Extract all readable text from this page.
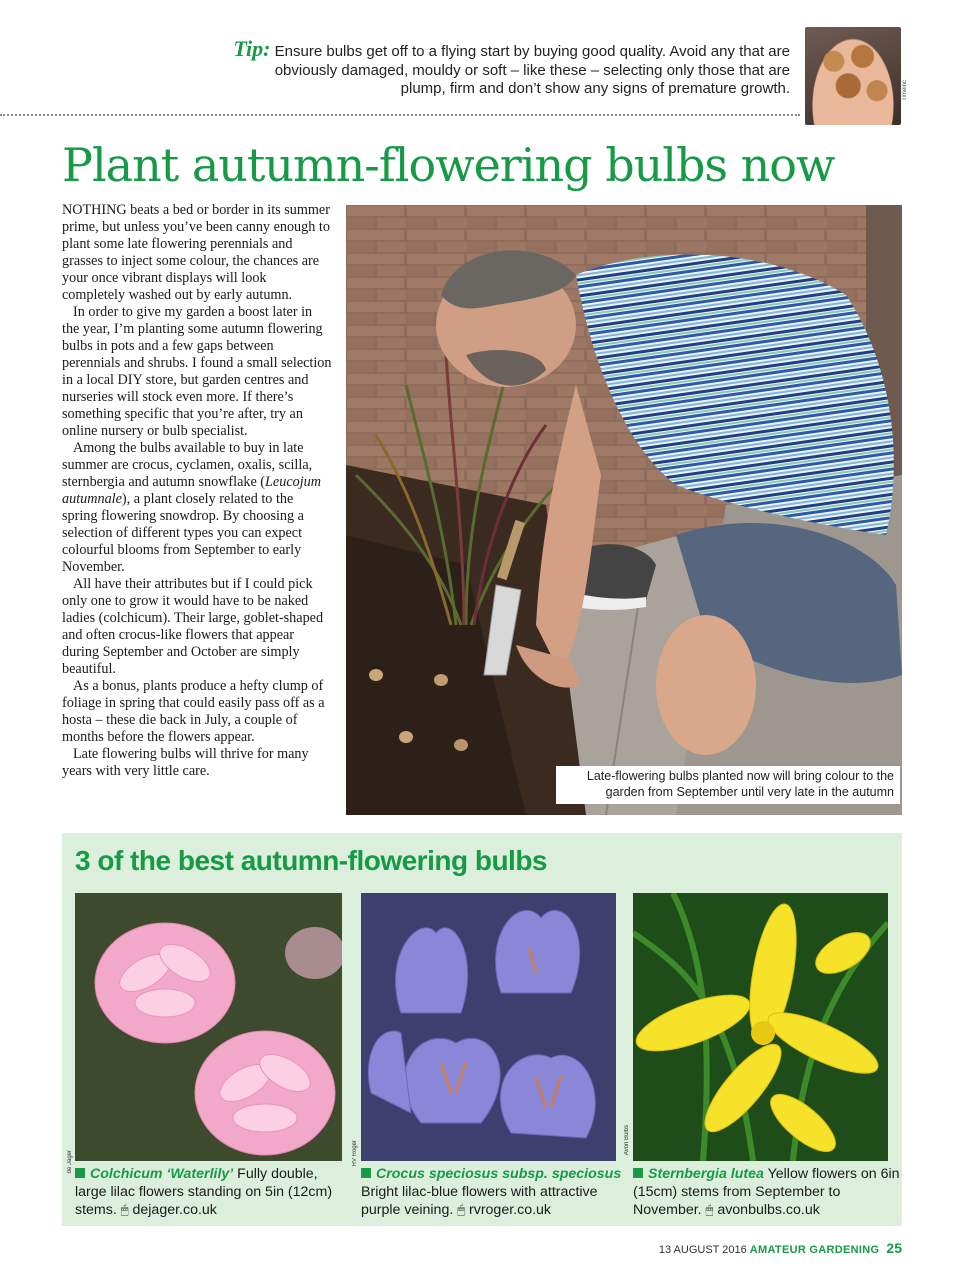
Tip: Ensure bulbs get off to a flying start by buying good quality. Avoid any that are obviously damaged, mouldy or soft – like these – selecting only those that are plump, firm and don’t show any signs of premature growth.	Timeinc
Plant autumn-flowering bulbs now

NOTHING beats a bed or border in its summer prime, but unless you’ve been canny enough to plant some late flowering perennials and grasses to inject some colour, the chances are your once vibrant displays will look completely washed out by early autumn.

In order to give my garden a boost later in the year, I’m planting some autumn flowering bulbs in pots and a few gaps between perennials and shrubs. I found a small selection in a local DIY store, but garden centres and nurseries will stock even more. If there’s something specific that you’re after, try an online nursery or bulb specialist.

Among the bulbs available to buy in late summer are crocus, cyclamen, oxalis, scilla, sternbergia and autumn snowflake (Leucojum autumnale), a plant closely related to the spring flowering snowdrop. By choosing a selection of different types you can expect colourful blooms from September to early November.

All have their attributes but if I could pick only one to grow it would have to be naked ladies (colchicum). Their large, goblet-shaped and often crocus-like flowers that appear during September and October are simply beautiful.

As a bonus, plants produce a hefty clump of foliage in spring that could easily pass off as a hosta – these die back in July, a couple of months before the flowers appear.

Late flowering bulbs will thrive for many years with very little care.	Late-flowering bulbs planted now will bring colour to the garden from September until very late in the autumn
3 of the best autumn-flowering bulbs
de Jager
Colchicum ‘Waterlily’ Fully double, large lilac flowers standing on 5in (12cm) stems. 🖱 dejager.co.uk
RV Roger
Crocus speciosus subsp. speciosus Bright lilac-blue flowers with attractive purple veining. 🖱 rvroger.co.uk
Avon Bulbs
Sternbergia lutea Yellow flowers on 6in (15cm) stems from September to November. 🖱 avonbulbs.co.uk
13 AUGUST 2016 AMATEUR GARDENING 25
